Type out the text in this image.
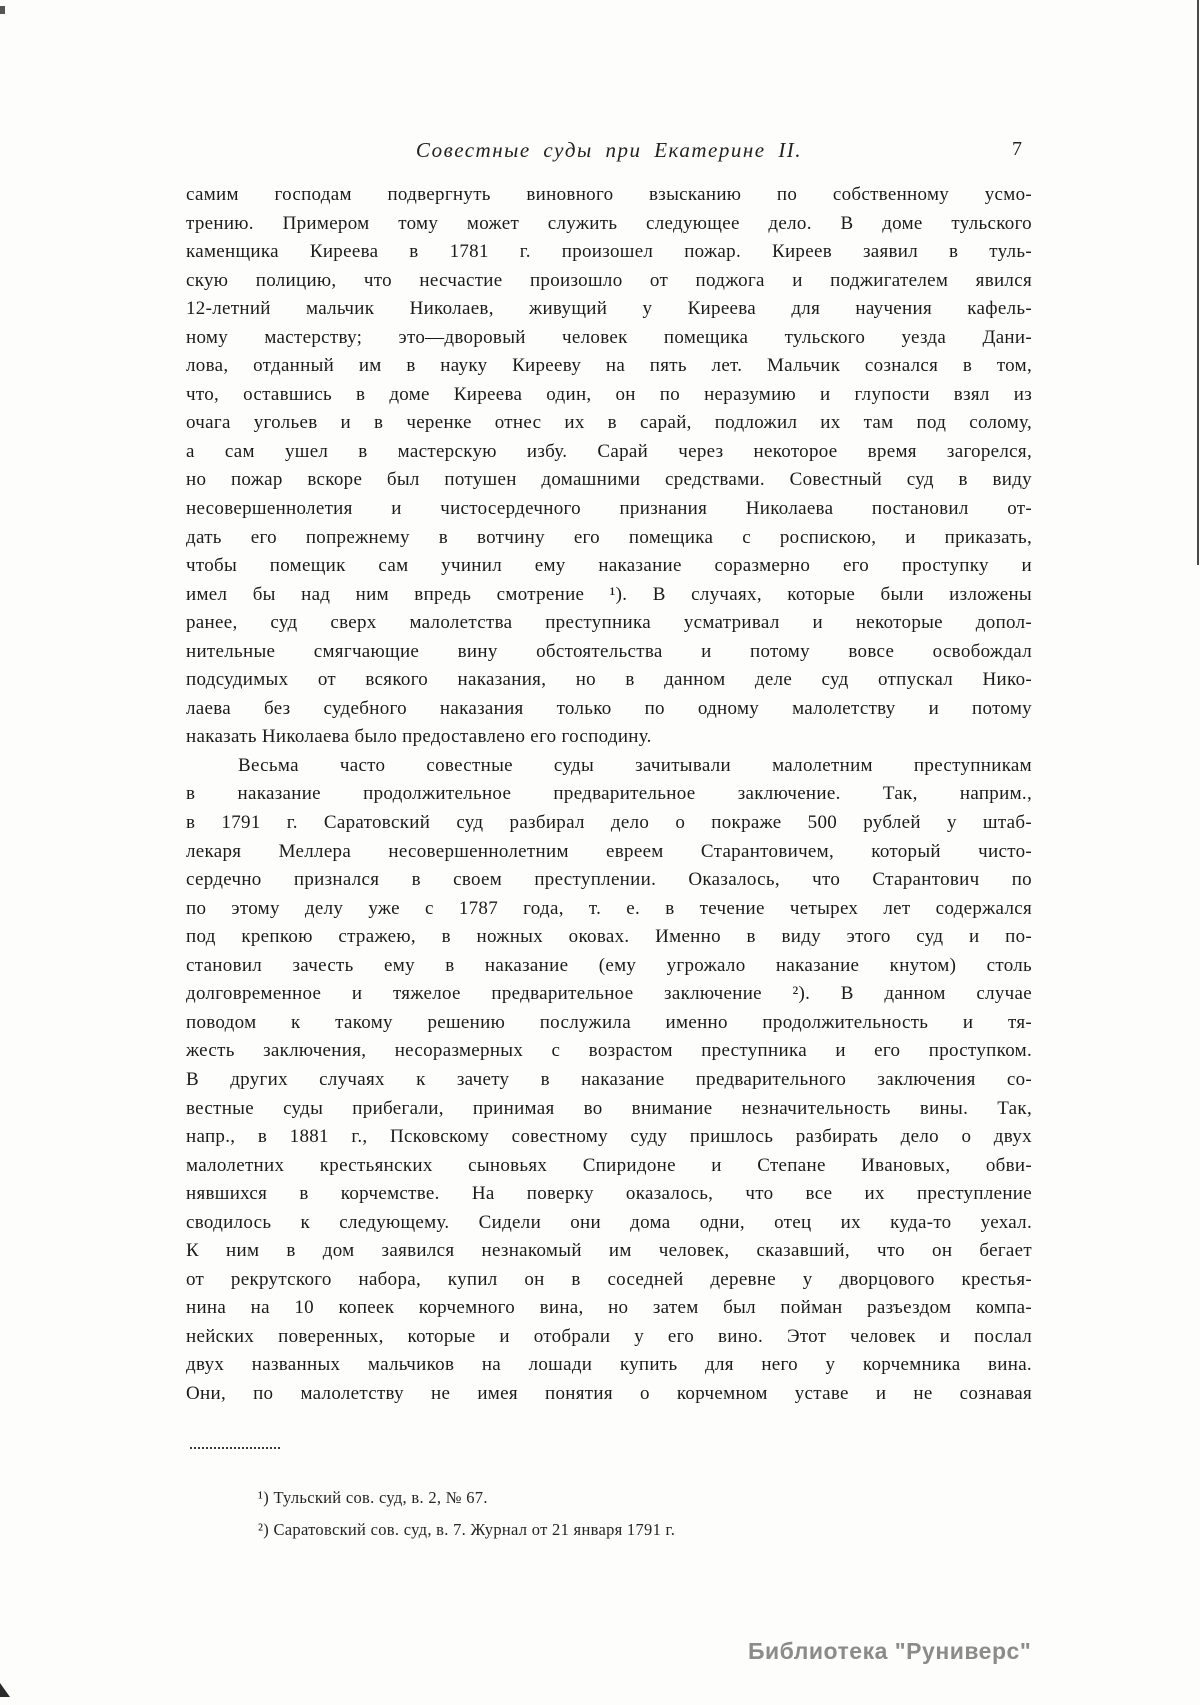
Совестные суды при Екатерине II.	7
самим господам подвергнуть виновного взысканию по собственному усмо-
трению. Примером тому может служить следующее дело. В доме тульского
каменщика Киреева в 1781 г. произошел пожар. Киреев заявил в туль-
скую полицию, что несчастие произошло от поджога и поджигателем явился
12-летний мальчик Николаев, живущий у Киреева для научения кафель-
ному мастерству; это—дворовый человек помещика тульского уезда Дани-
лова, отданный им в науку Кирееву на пять лет. Мальчик сознался в том,
что, оставшись в доме Киреева один, он по неразумию и глупости взял из
очага угольев и в черенке отнес их в сарай, подложил их там под солому,
а сам ушел в мастерскую избу. Сарай через некоторое время загорелся,
но пожар вскоре был потушен домашними средствами. Совестный суд в виду
несовершеннолетия и чистосердечного признания Николаева постановил от-
дать его попрежнему в вотчину его помещика с роспискою, и приказать,
чтобы помещик сам учинил ему наказание соразмерно его проступку и
имел бы над ним впредь смотрение ¹). В случаях, которые были изложены
ранее, суд сверх малолетства преступника усматривал и некоторые допол-
нительные смягчающие вину обстоятельства и потому вовсе освобождал
подсудимых от всякого наказания, но в данном деле суд отпускал Нико-
лаева без судебного наказания только по одному малолетству и потому
наказать Николаева было предоставлено его господину.
Весьма часто совестные суды зачитывали малолетним преступникам
в наказание продолжительное предварительное заключение. Так, наприм.,
в 1791 г. Саратовский суд разбирал дело о покраже 500 рублей у штаб-
лекаря Меллера несовершеннолетним евреем Старантовичем, который чисто-
сердечно признался в своем преступлении. Оказалось, что Старантович по
по этому делу уже с 1787 года, т. е. в течение четырех лет содержался
под крепкою стражею, в ножных оковах. Именно в виду этого суд и по-
становил зачесть ему в наказание (ему угрожало наказание кнутом) столь
долговременное и тяжелое предварительное заключение ²). В данном случае
поводом к такому решению послужила именно продолжительность и тя-
жесть заключения, несоразмерных с возрастом преступника и его проступком.
В других случаях к зачету в наказание предварительного заключения со-
вестные суды прибегали, принимая во внимание незначительность вины. Так,
напр., в 1881 г., Псковскому совестному суду пришлось разбирать дело о двух
малолетних крестьянских сыновьях Спиридоне и Степане Ивановых, обви-
нявшихся в корчемстве. На поверку оказалось, что все их преступление
сводилось к следующему. Сидели они дома одни, отец их куда-то уехал.
К ним в дом заявился незнакомый им человек, сказавший, что он бегает
от рекрутского набора, купил он в соседней деревне у дворцового крестья-
нина на 10 копеек корчемного вина, но затем был пойман разъездом компа-
нейских поверенных, которые и отобрали у его вино. Этот человек и послал
двух названных мальчиков на лошади купить для него у корчемника вина.
Они, по малолетству не имея понятия о корчемном уставе и не сознавая
¹) Тульский сов. суд, в. 2, № 67.
²) Саратовский сов. суд, в. 7. Журнал от 21 января 1791 г.
Библиотека "Руниверс"
